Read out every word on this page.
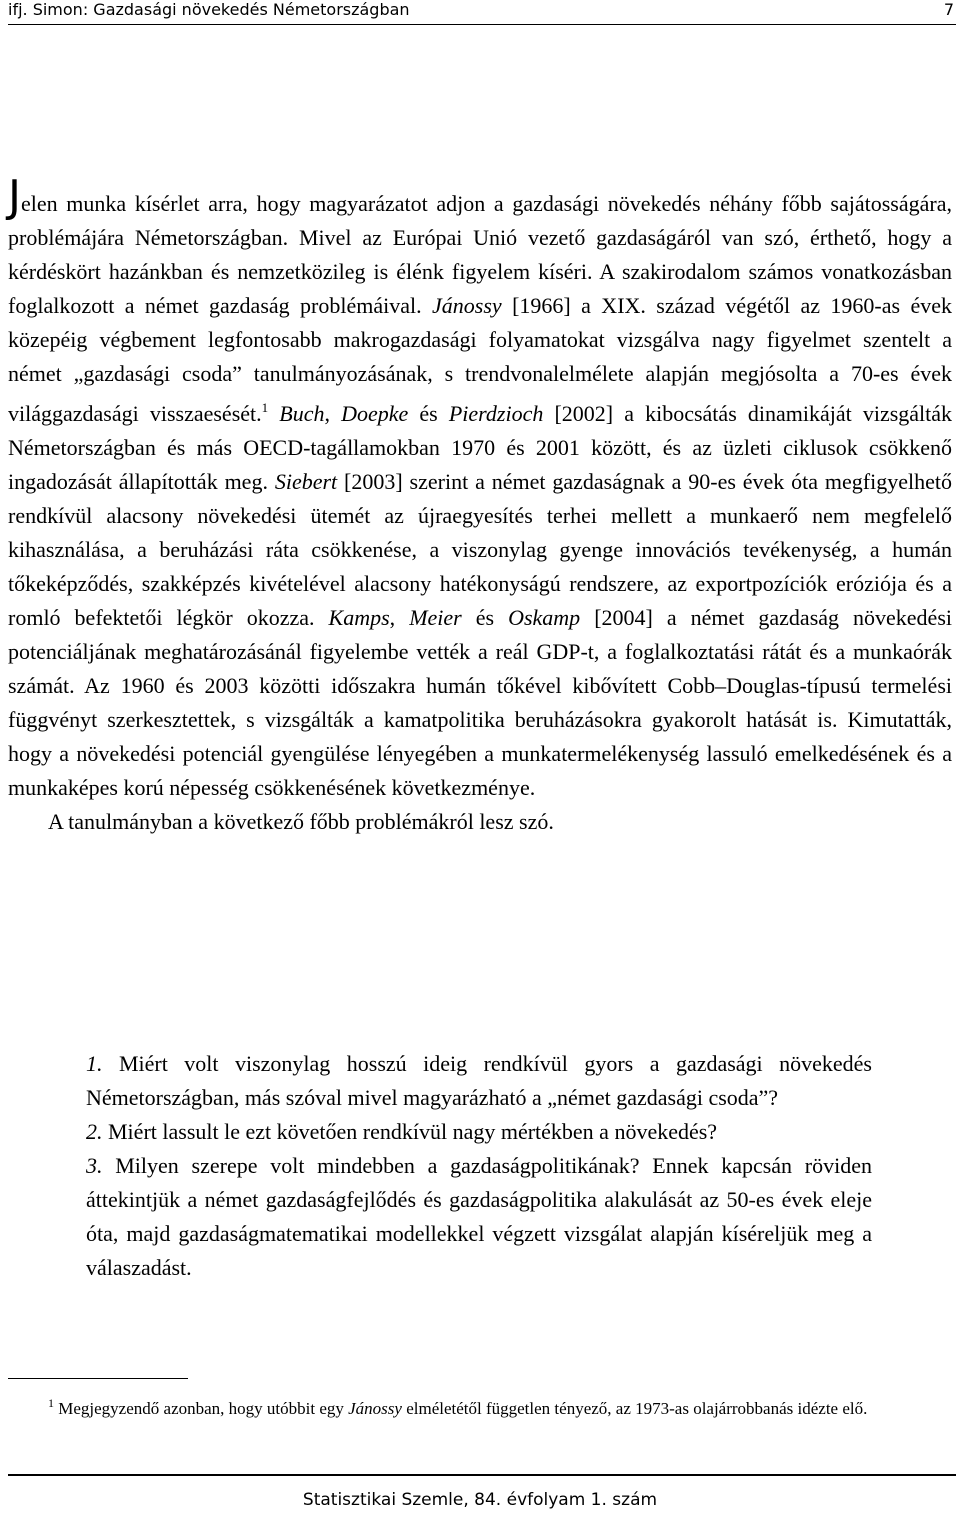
ifj. Simon: Gazdasági növekedés Németországban	7

Jelen munka kísérlet arra, hogy magyarázatot adjon a gazdasági növekedés néhány főbb sajátosságára, problémájára Németországban. Mivel az Európai Unió vezető gazdaságáról van szó, érthető, hogy a kérdéskört hazánkban és nemzetközileg is élénk figyelem kíséri. A szakirodalom számos vonatkozásban foglalkozott a német gazdaság problémáival. Jánossy [1966] a XIX. század végétől az 1960-as évek közepéig végbement legfontosabb makrogazdasági folyamatokat vizsgálva nagy figyelmet szentelt a német „gazdasági csoda” tanulmányozásának, s trendvonalelmélete alapján megjósolta a 70-es évek világgazdasági visszaesését.$^1$ Buch, Doepke és Pierdzioch [2002] a kibocsátás dinamikáját vizsgálták Németországban és más OECD-tagállamokban 1970 és 2001 között, és az üzleti ciklusok csökkenő ingadozását állapították meg. Siebert [2003] szerint a német gazdaságnak a 90-es évek óta megfigyelhető rendkívül alacsony növekedési ütemét az újraegyesítés terhei mellett a munkaerő nem megfelelő kihasználása, a beruházási ráta csökkenése, a viszonylag gyenge innovációs tevékenység, a humán tőkeképződés, szakképzés kivételével alacsony hatékonyságú rendszere, az exportpozíciók eróziója és a romló befektetői légkör okozza. Kamps, Meier és Oskamp [2004] a német gazdaság növekedési potenciáljának meghatározásánál figyelembe vették a reál GDP-t, a foglalkoztatási rátát és a munkaórák számát. Az 1960 és 2003 közötti időszakra humán tőkével kibővített Cobb–Douglas-típusú termelési függvényt szerkesztettek, s vizsgálták a kamatpolitika beruházásokra gyakorolt hatását is. Kimutatták, hogy a növekedési potenciál gyengülése lényegében a munkatermelékenység lassuló emelkedésének és a munkaképes korú népesség csökkenésének következménye.

A tanulmányban a következő főbb problémákról lesz szó.

1. Miért volt viszonylag hosszú ideig rendkívül gyors a gazdasági növekedés Németországban, más szóval mivel magyarázható a „német gazdasági csoda”?

2. Miért lassult le ezt követően rendkívül nagy mértékben a növekedés?

3. Milyen szerepe volt mindebben a gazdaságpolitikának? Ennek kapcsán röviden áttekintjük a német gazdaságfejlődés és gazdaságpolitika alakulását az 50-es évek eleje óta, majd gazdaságmatematikai modellekkel végzett vizsgálat alapján kíséreljük meg a válaszadást.

$^1$ Megjegyzendő azonban, hogy utóbbit egy Jánossy elméletétől független tényező, az 1973-as olajárrobbanás idézte elő.
Statisztikai Szemle, 84. évfolyam 1. szám
